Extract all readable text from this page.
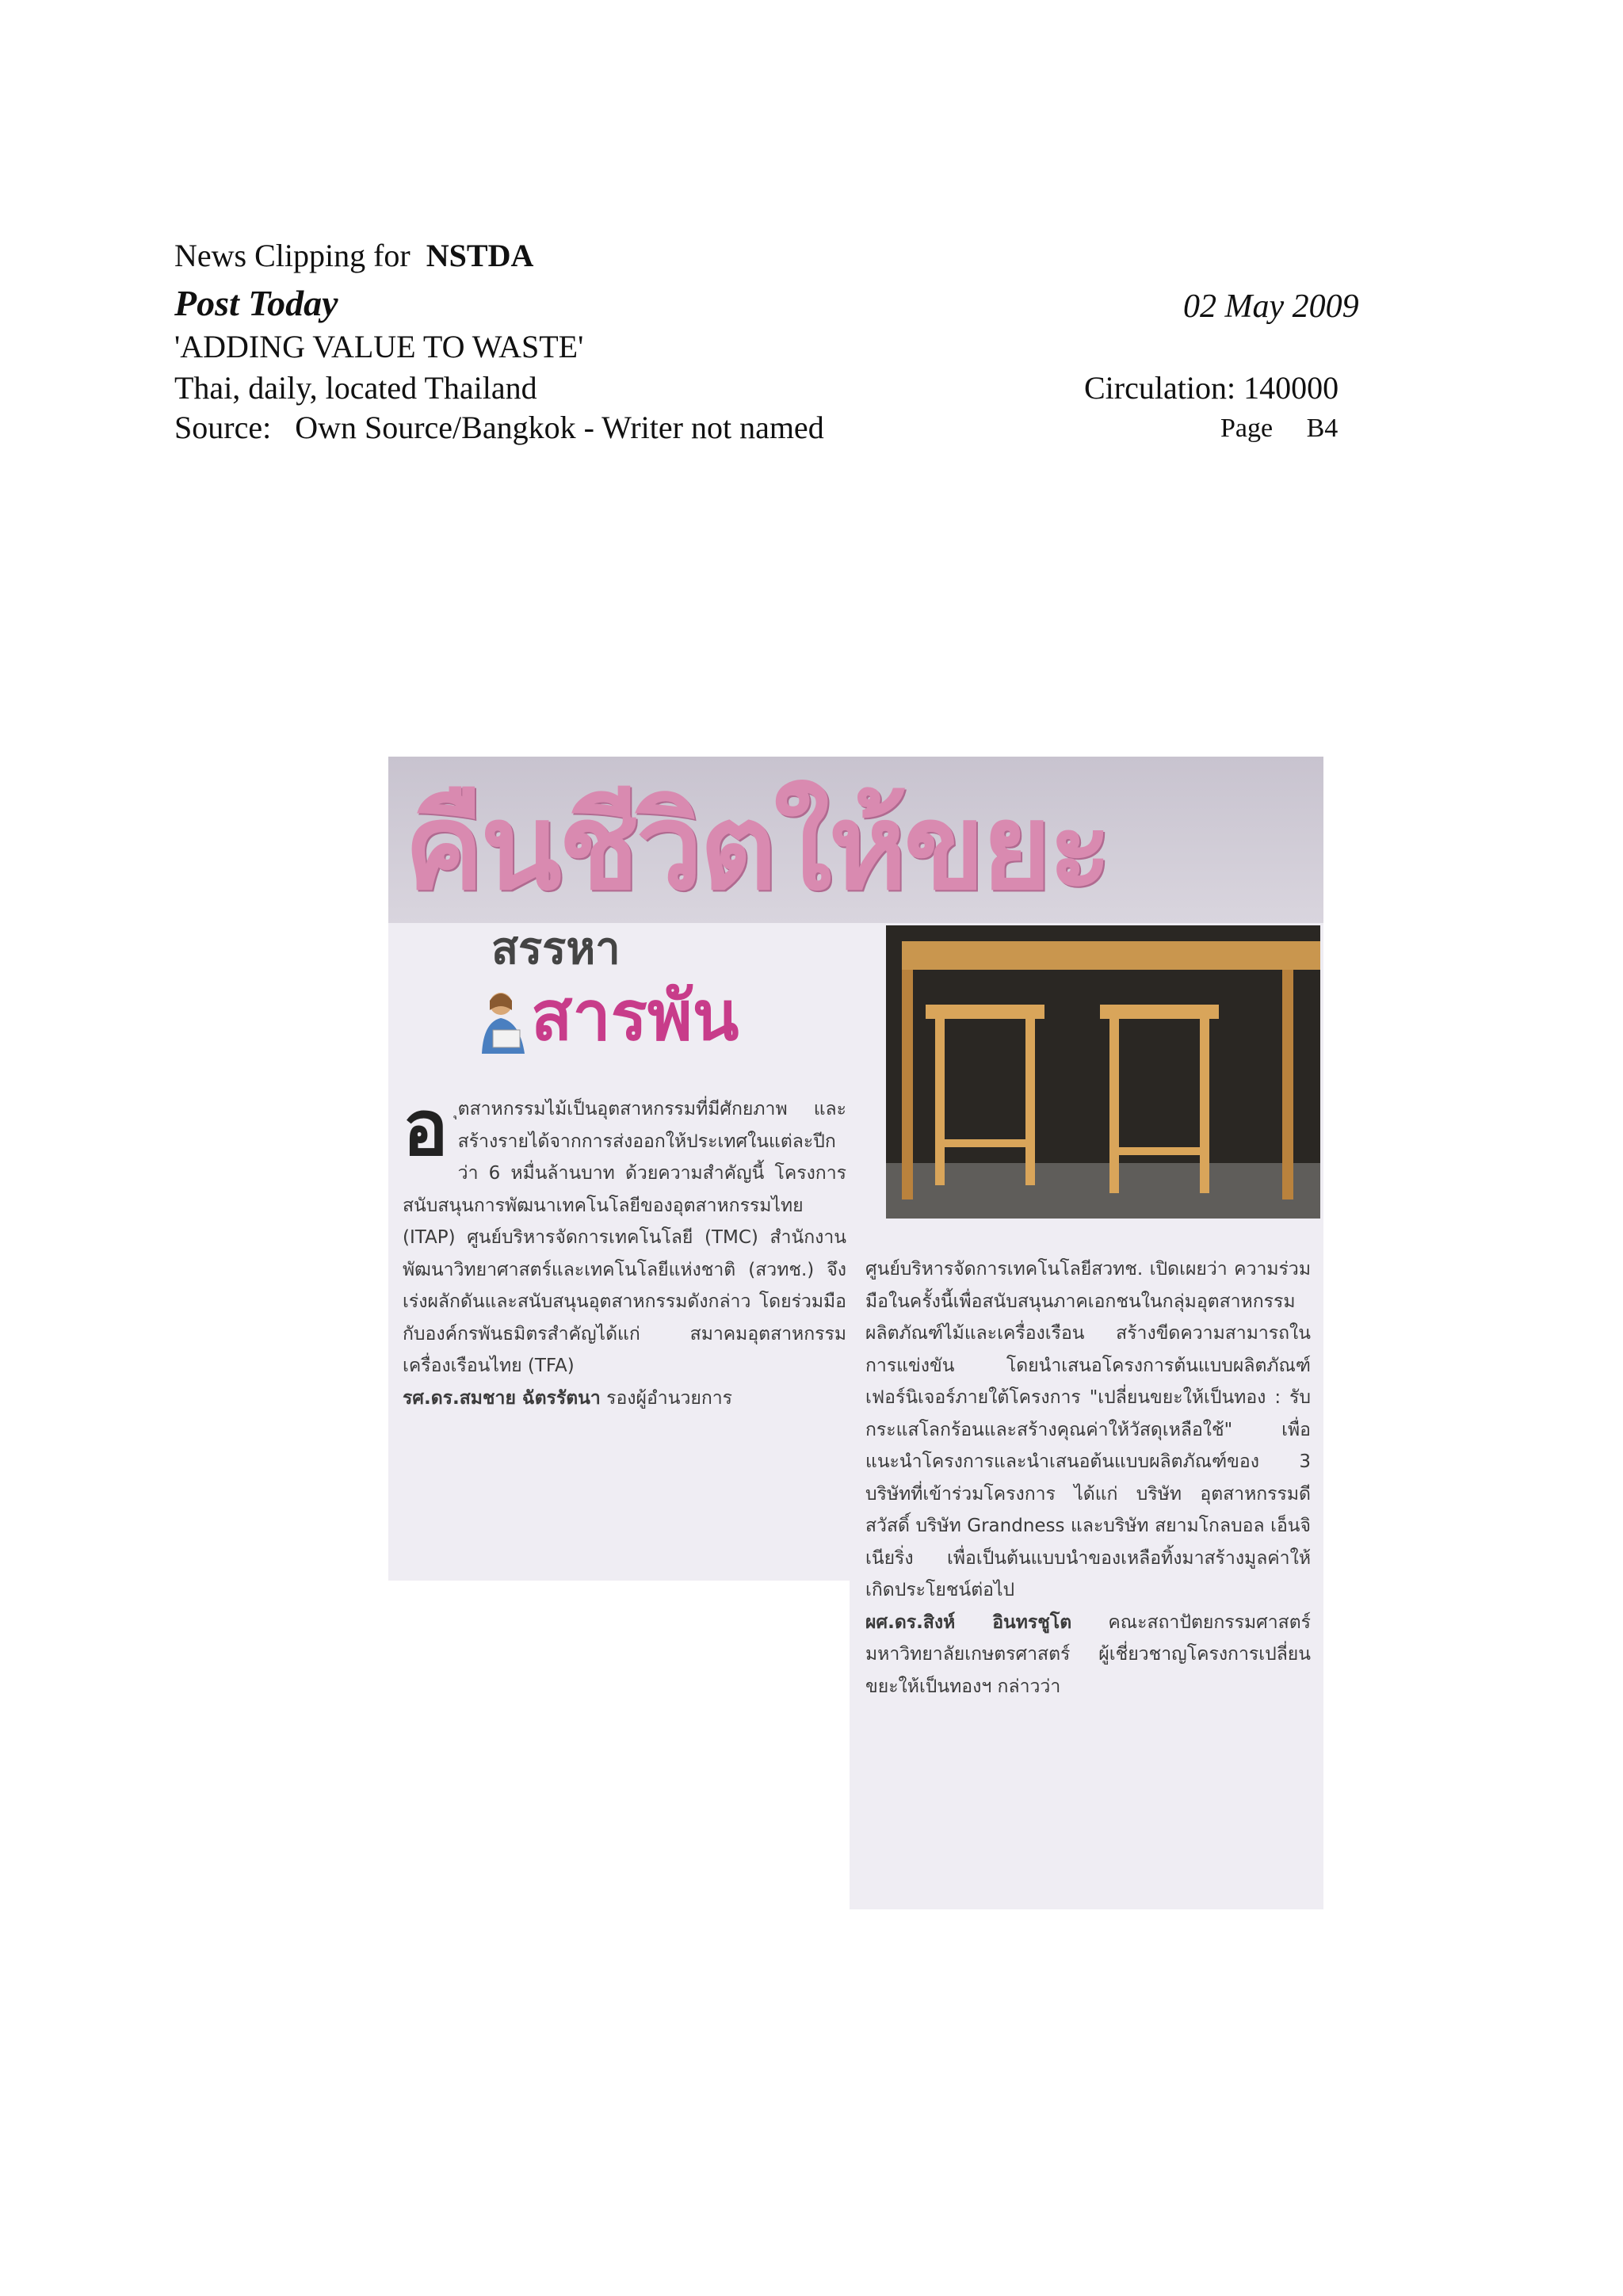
News Clipping for NSTDA
Post Today	02 May 2009
'ADDING VALUE TO WASTE'
Thai, daily, located Thailand	Circulation: 140000
Source:   Own Source/Bangkok - Writer not named	Page B4
คืนชีวิตให้ขยะ
สรรหา
สารพัน
อ ุตสาหกรรมไม้เป็นอุตสาหกรรมที่มีศักยภาพ และสร้างรายได้จากการส่งออกให้ประเทศในแต่ละปีกว่า 6 หมื่นล้านบาท ด้วยความสำคัญนี้ โครงการสนับสนุนการพัฒนาเทคโนโลยีของอุตสาหกรรมไทย (ITAP) ศูนย์บริหารจัดการเทคโนโลยี (TMC) สำนักงานพัฒนาวิทยาศาสตร์และเทคโนโลยีแห่งชาติ (สวทช.) จึงเร่งผลักดันและสนับสนุนอุตสาหกรรมดังกล่าว โดยร่วมมือกับองค์กรพันธมิตรสำคัญได้แก่ สมาคมอุตสาหกรรมเครื่องเรือนไทย (TFA)

รศ.ดร.สมชาย ฉัตรรัตนา รองผู้อำนวยการ

ศูนย์บริหารจัดการเทคโนโลยีสวทช. เปิดเผยว่า ความร่วมมือในครั้งนี้เพื่อสนับสนุนภาคเอกชนในกลุ่มอุตสาหกรรมผลิตภัณฑ์ไม้และเครื่องเรือน สร้างขีดความสามารถในการแข่งขัน โดยนำเสนอโครงการต้นแบบผลิตภัณฑ์เฟอร์นิเจอร์ภายใต้โครงการ "เปลี่ยนขยะให้เป็นทอง : รับกระแสโลกร้อนและสร้างคุณค่าให้วัสดุเหลือใช้" เพื่อแนะนำโครงการและนำเสนอต้นแบบผลิตภัณฑ์ของ 3 บริษัทที่เข้าร่วมโครงการ ได้แก่ บริษัท อุตสาหกรรมดีสวัสดิ์ บริษัท Grandness และบริษัท สยามโกลบอล เอ็นจิเนียริ่ง เพื่อเป็นต้นแบบนำของเหลือทิ้งมาสร้างมูลค่าให้เกิดประโยชน์ต่อไป

ผศ.ดร.สิงห์ อินทรชูโต คณะสถาปัตยกรรมศาสตร์ มหาวิทยาลัยเกษตรศาสตร์ ผู้เชี่ยวชาญโครงการเปลี่ยนขยะให้เป็นทองฯ กล่าวว่า
